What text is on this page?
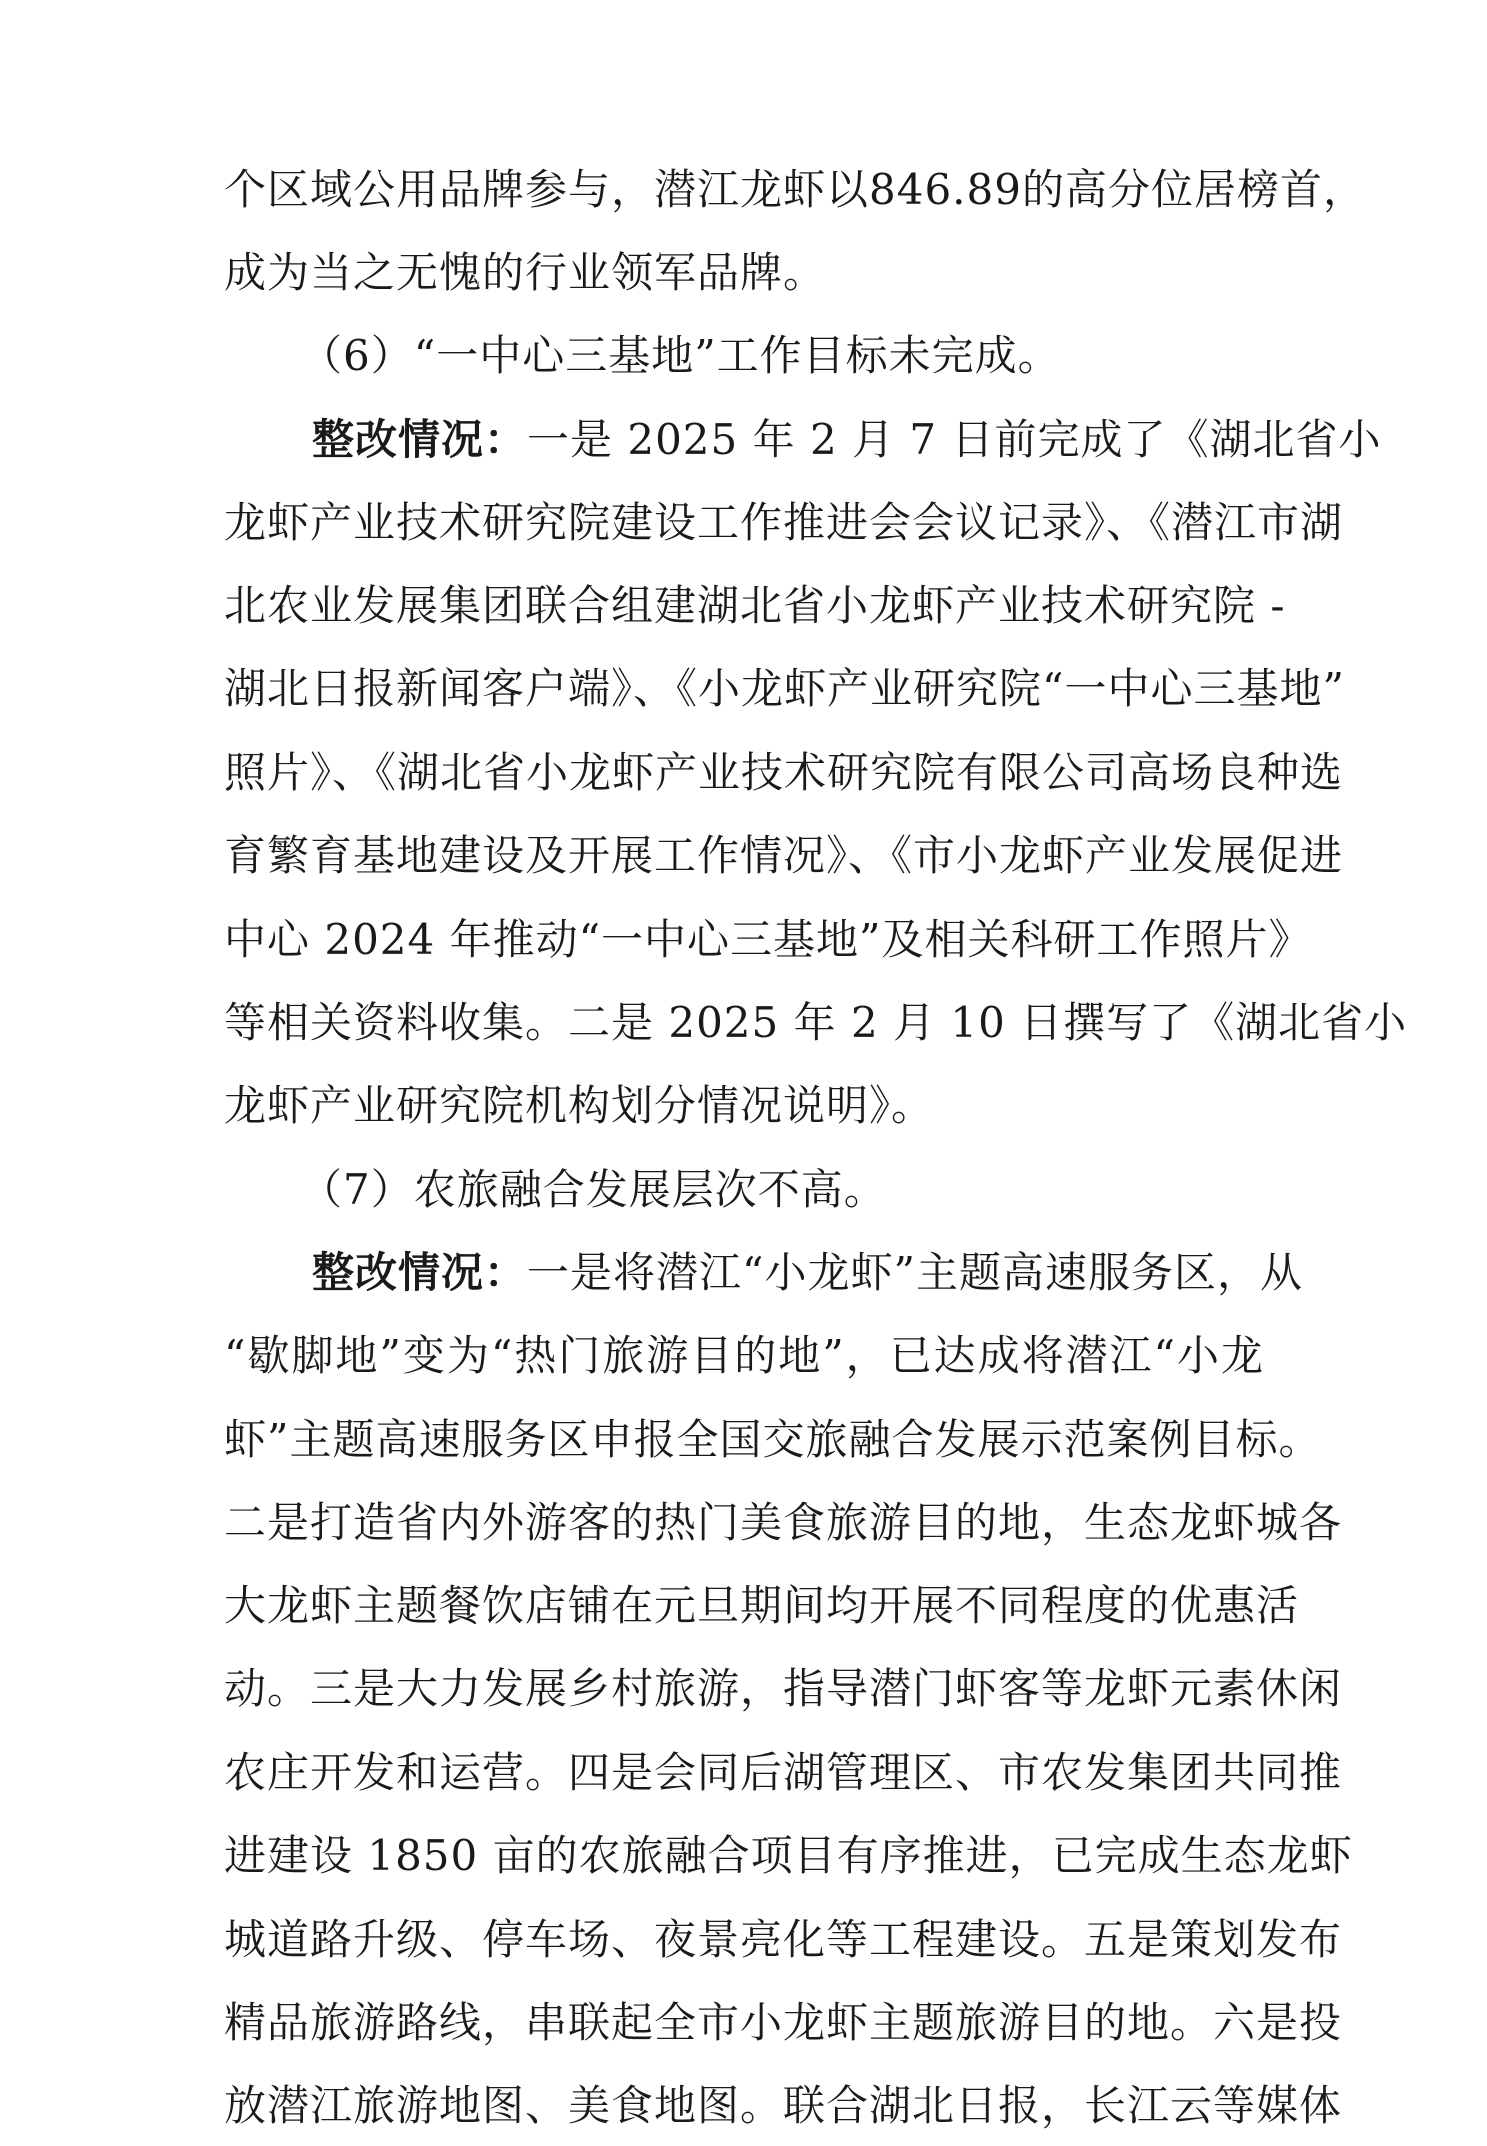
个区域公用品牌参与，潜江龙虾以846.89的高分位居榜首，
成为当之无愧的行业领军品牌。
（6）“一中心三基地”工作目标未完成。
整改情况：一是 2025 年 2 月 7 日前完成了《湖北省小
龙虾产业技术研究院建设工作推进会会议记录》、《潜江市湖
北农业发展集团联合组建湖北省小龙虾产业技术研究院 -
湖北日报新闻客户端》、《小龙虾产业研究院“一中心三基地”
照片》、《湖北省小龙虾产业技术研究院有限公司高场良种选
育繁育基地建设及开展工作情况》、《市小龙虾产业发展促进
中心 2024 年推动“一中心三基地”及相关科研工作照片》
等相关资料收集。二是 2025 年 2 月 10 日撰写了《湖北省小
龙虾产业研究院机构划分情况说明》。
（7）农旅融合发展层次不高。
整改情况：一是将潜江“小龙虾”主题高速服务区，从
“歇脚地”变为“热门旅游目的地”，已达成将潜江“小龙
虾”主题高速服务区申报全国交旅融合发展示范案例目标。
二是打造省内外游客的热门美食旅游目的地，生态龙虾城各
大龙虾主题餐饮店铺在元旦期间均开展不同程度的优惠活
动。三是大力发展乡村旅游，指导潜门虾客等龙虾元素休闲
农庄开发和运营。四是会同后湖管理区、市农发集团共同推
进建设 1850 亩的农旅融合项目有序推进，已完成生态龙虾
城道路升级、停车场、夜景亮化等工程建设。五是策划发布
精品旅游路线，串联起全市小龙虾主题旅游目的地。六是投
放潜江旅游地图、美食地图。联合湖北日报，长江云等媒体
